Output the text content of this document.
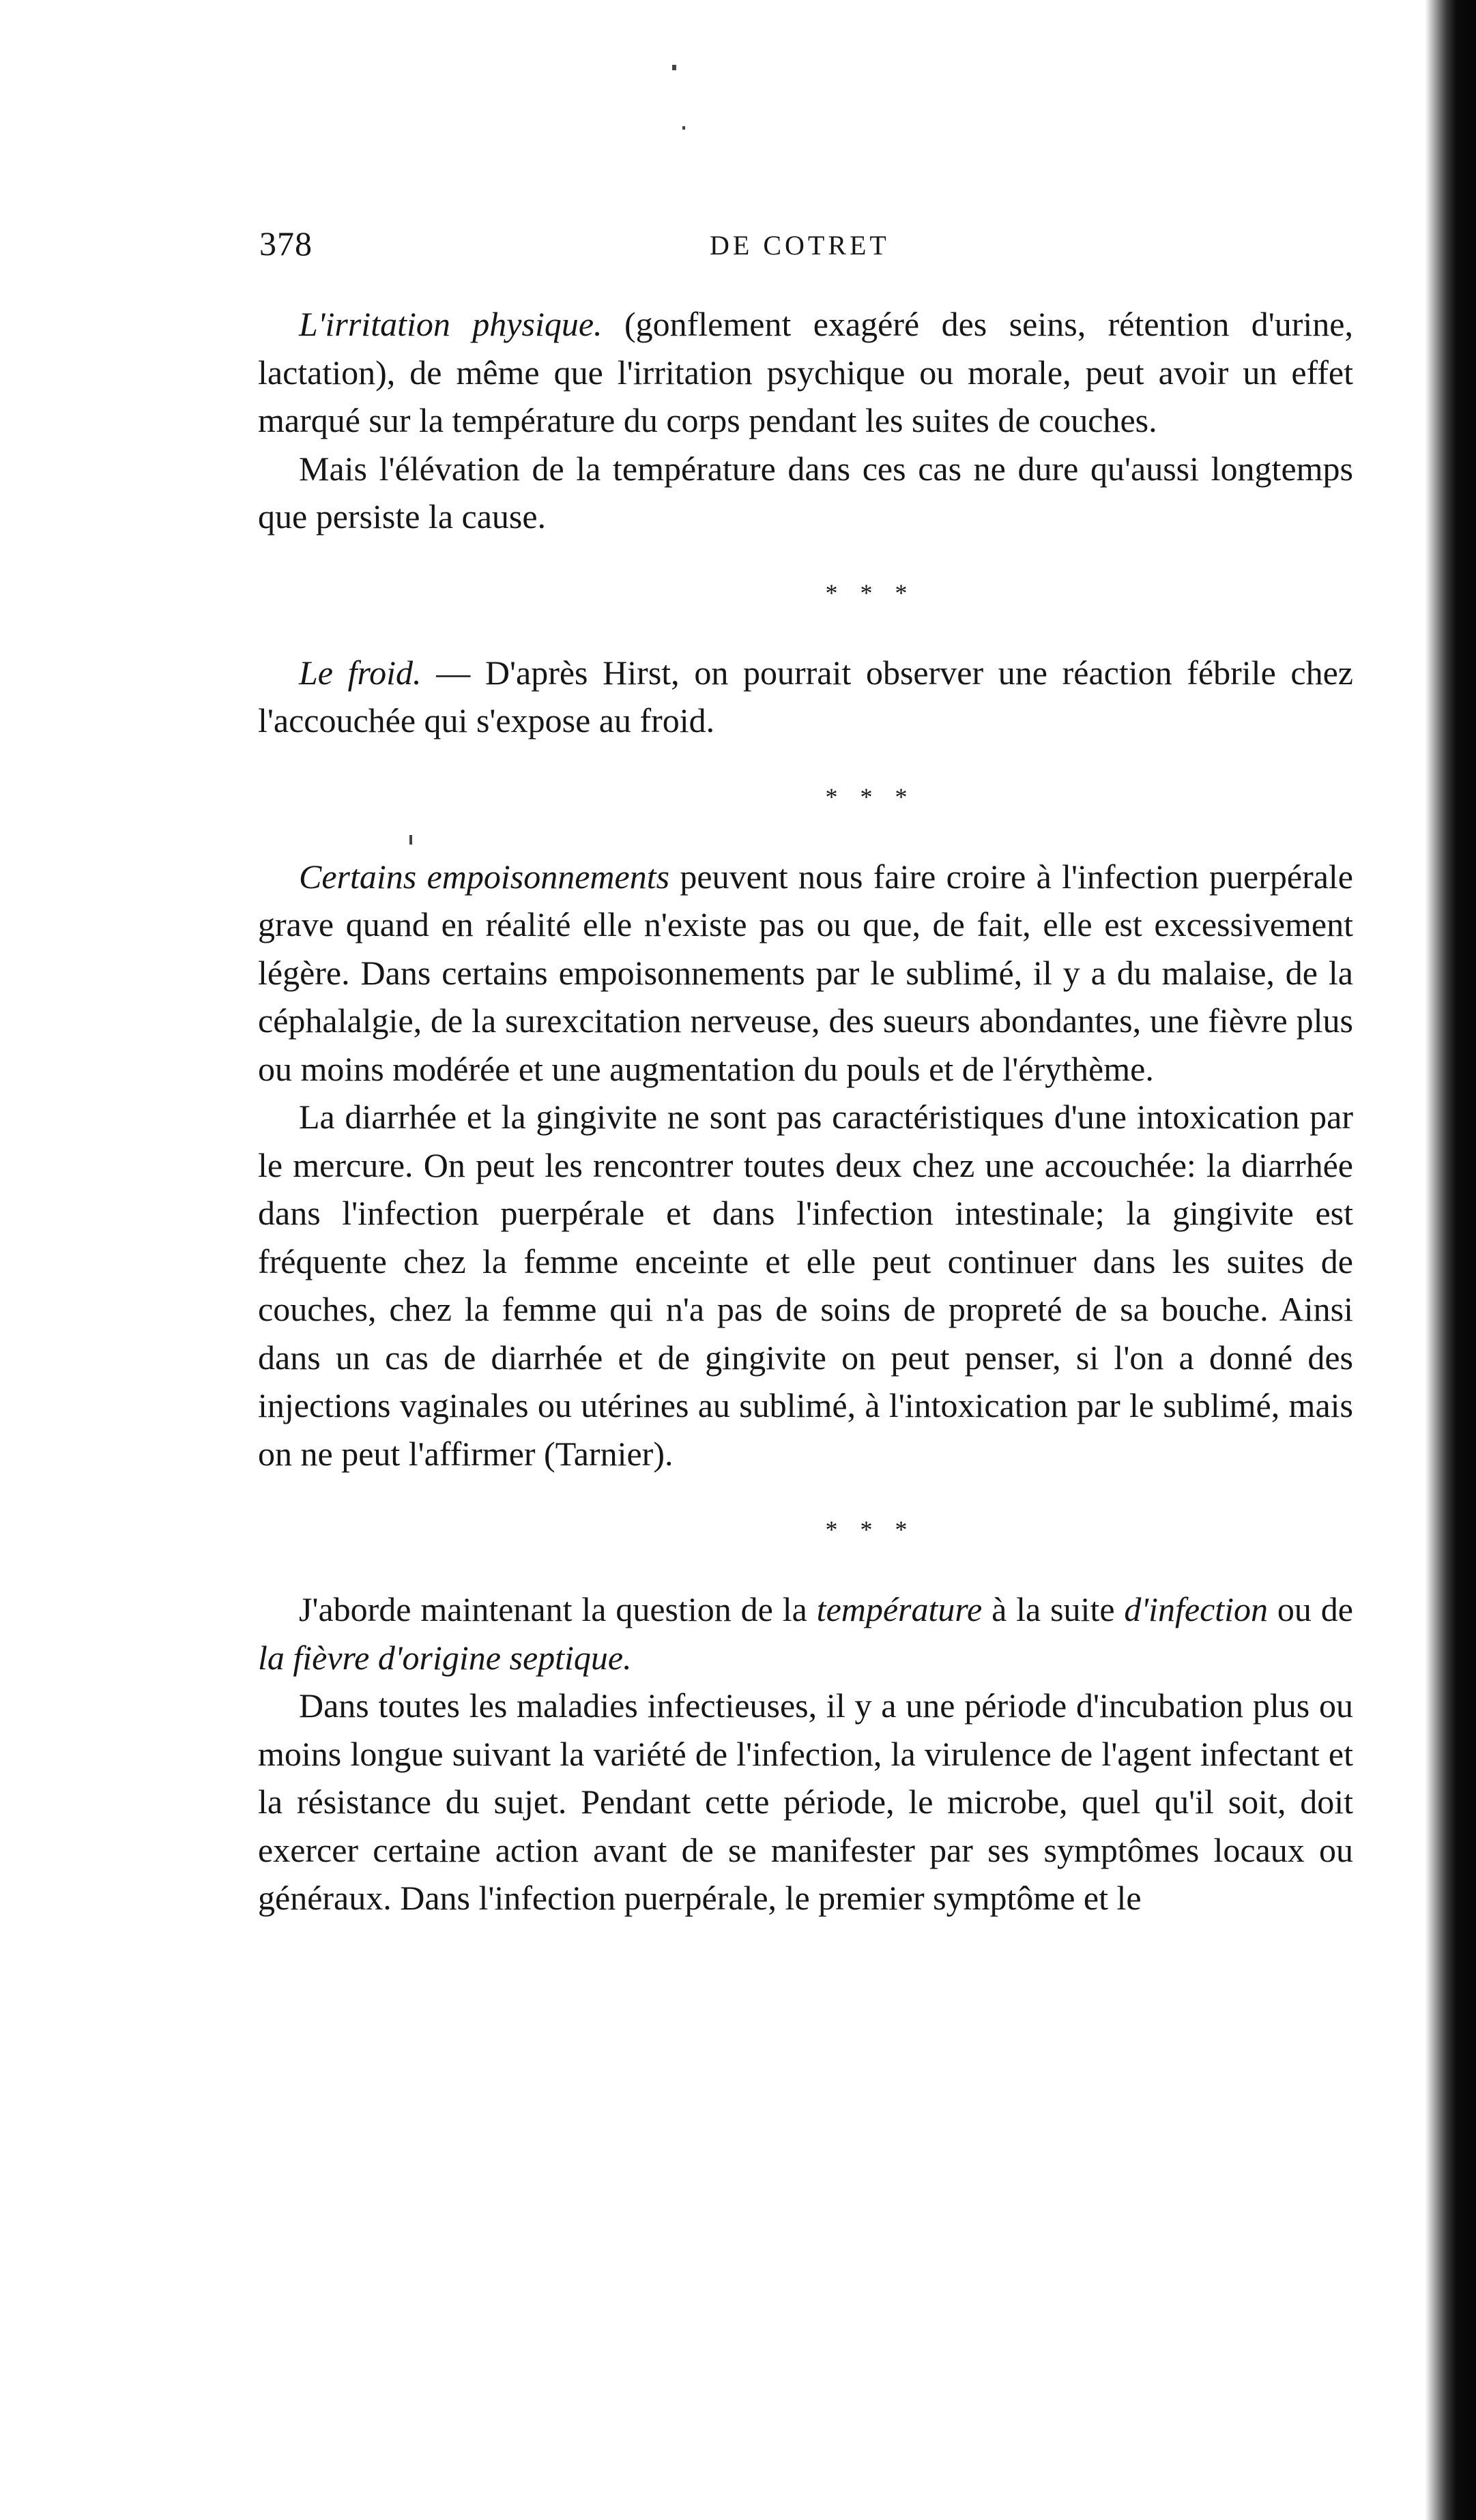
378	DE COTRET

L'irritation physique. (gonflement exagéré des seins, rétention d'urine, lactation), de même que l'irritation psychique ou morale, peut avoir un effet marqué sur la température du corps pendant les suites de couches.

Mais l'élévation de la température dans ces cas ne dure qu'aussi longtemps que persiste la cause.

* * *

Le froid. — D'après Hirst, on pourrait observer une réaction fébrile chez l'accouchée qui s'expose au froid.

* * *

Certains empoisonnements peuvent nous faire croire à l'infection puerpérale grave quand en réalité elle n'existe pas ou que, de fait, elle est excessivement légère. Dans certains empoisonnements par le sublimé, il y a du malaise, de la céphalalgie, de la surexcitation nerveuse, des sueurs abondantes, une fièvre plus ou moins modérée et une augmentation du pouls et de l'érythème.

La diarrhée et la gingivite ne sont pas caractéristiques d'une intoxication par le mercure. On peut les rencontrer toutes deux chez une accouchée: la diarrhée dans l'infection puerpérale et dans l'infection intestinale; la gingivite est fréquente chez la femme enceinte et elle peut continuer dans les suites de couches, chez la femme qui n'a pas de soins de propreté de sa bouche. Ainsi dans un cas de diarrhée et de gingivite on peut penser, si l'on a donné des injections vaginales ou utérines au sublimé, à l'intoxication par le sublimé, mais on ne peut l'affirmer (Tarnier).

* * *

J'aborde maintenant la question de la température à la suite d'infection ou de la fièvre d'origine septique.

Dans toutes les maladies infectieuses, il y a une période d'incubation plus ou moins longue suivant la variété de l'infection, la virulence de l'agent infectant et la résistance du sujet. Pendant cette période, le microbe, quel qu'il soit, doit exercer certaine action avant de se manifester par ses symptômes locaux ou généraux. Dans l'infection puerpérale, le premier symptôme et le
